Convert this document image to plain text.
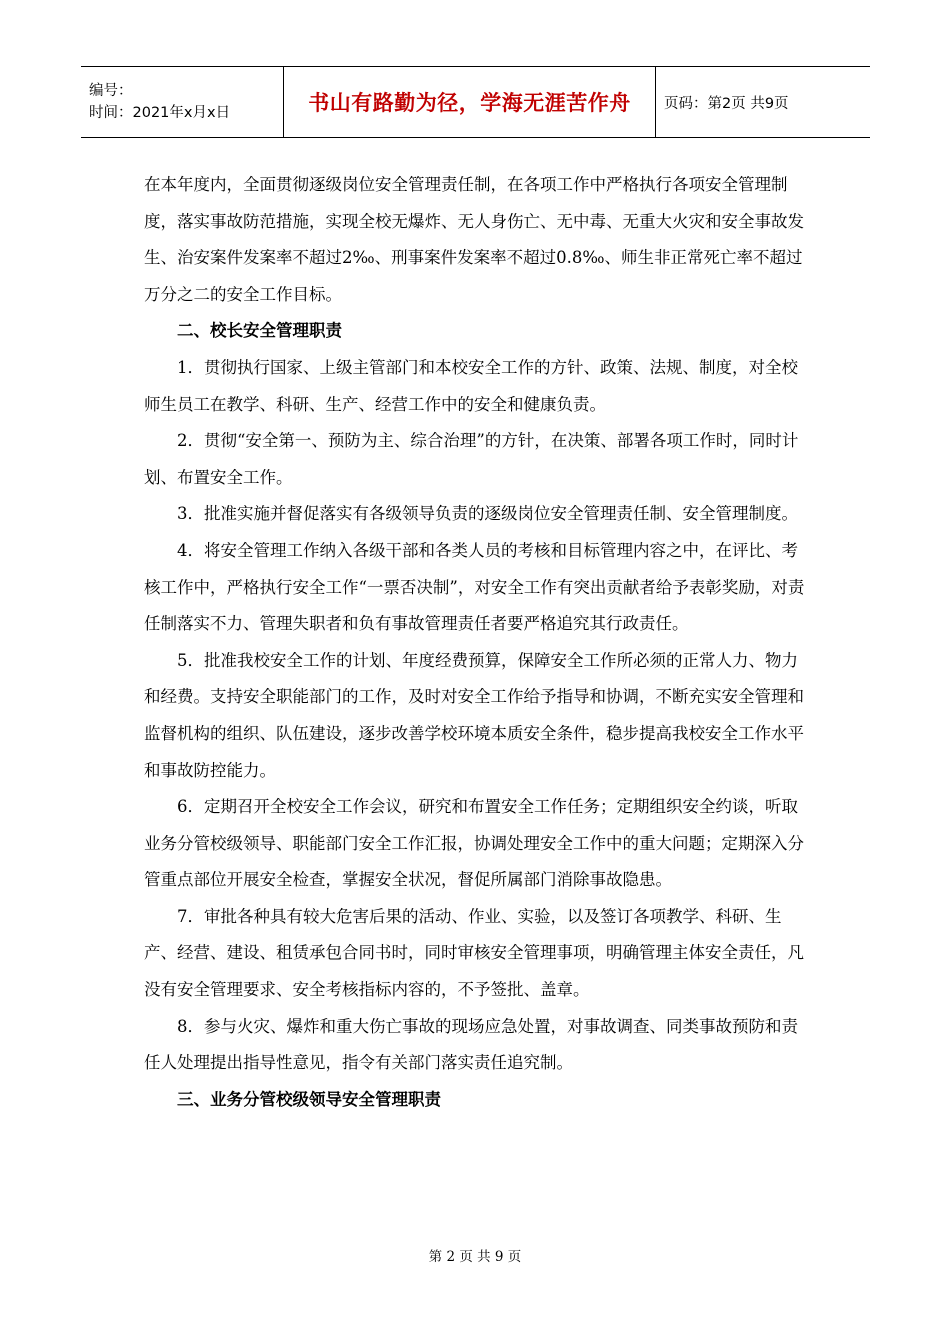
编号：
时间：2021年x月x日	书山有路勤为径，学海无涯苦作舟 页码：第2页 共9页

在本年度内，全面贯彻逐级岗位安全管理责任制，在各项工作中严格执行各项安全管理制度，落实事故防范措施，实现全校无爆炸、无人身伤亡、无中毒、无重大火灾和安全事故发生、治安案件发案率不超过2‰、刑事案件发案率不超过0.8‰、师生非正常死亡率不超过万分之二的安全工作目标。

二、校长安全管理职责

1．贯彻执行国家、上级主管部门和本校安全工作的方针、政策、法规、制度，对全校师生员工在教学、科研、生产、经营工作中的安全和健康负责。

2．贯彻“安全第一、预防为主、综合治理”的方针，在决策、部署各项工作时，同时计划、布置安全工作。

3．批准实施并督促落实有各级领导负责的逐级岗位安全管理责任制、安全管理制度。

4．将安全管理工作纳入各级干部和各类人员的考核和目标管理内容之中，在评比、考核工作中，严格执行安全工作“一票否决制”，对安全工作有突出贡献者给予表彰奖励，对责任制落实不力、管理失职者和负有事故管理责任者要严格追究其行政责任。

5．批准我校安全工作的计划、年度经费预算，保障安全工作所必须的正常人力、物力和经费。支持安全职能部门的工作，及时对安全工作给予指导和协调，不断充实安全管理和监督机构的组织、队伍建设，逐步改善学校环境本质安全条件，稳步提高我校安全工作水平和事故防控能力。

6．定期召开全校安全工作会议，研究和布置安全工作任务；定期组织安全约谈，听取业务分管校级领导、职能部门安全工作汇报，协调处理安全工作中的重大问题；定期深入分管重点部位开展安全检查，掌握安全状况，督促所属部门消除事故隐患。

7．审批各种具有较大危害后果的活动、作业、实验，以及签订各项教学、科研、生产、经营、建设、租赁承包合同书时，同时审核安全管理事项，明确管理主体安全责任，凡没有安全管理要求、安全考核指标内容的，不予签批、盖章。

8．参与火灾、爆炸和重大伤亡事故的现场应急处置，对事故调查、同类事故预防和责任人处理提出指导性意见，指令有关部门落实责任追究制。

三、业务分管校级领导安全管理职责

第 2 页 共 9 页
